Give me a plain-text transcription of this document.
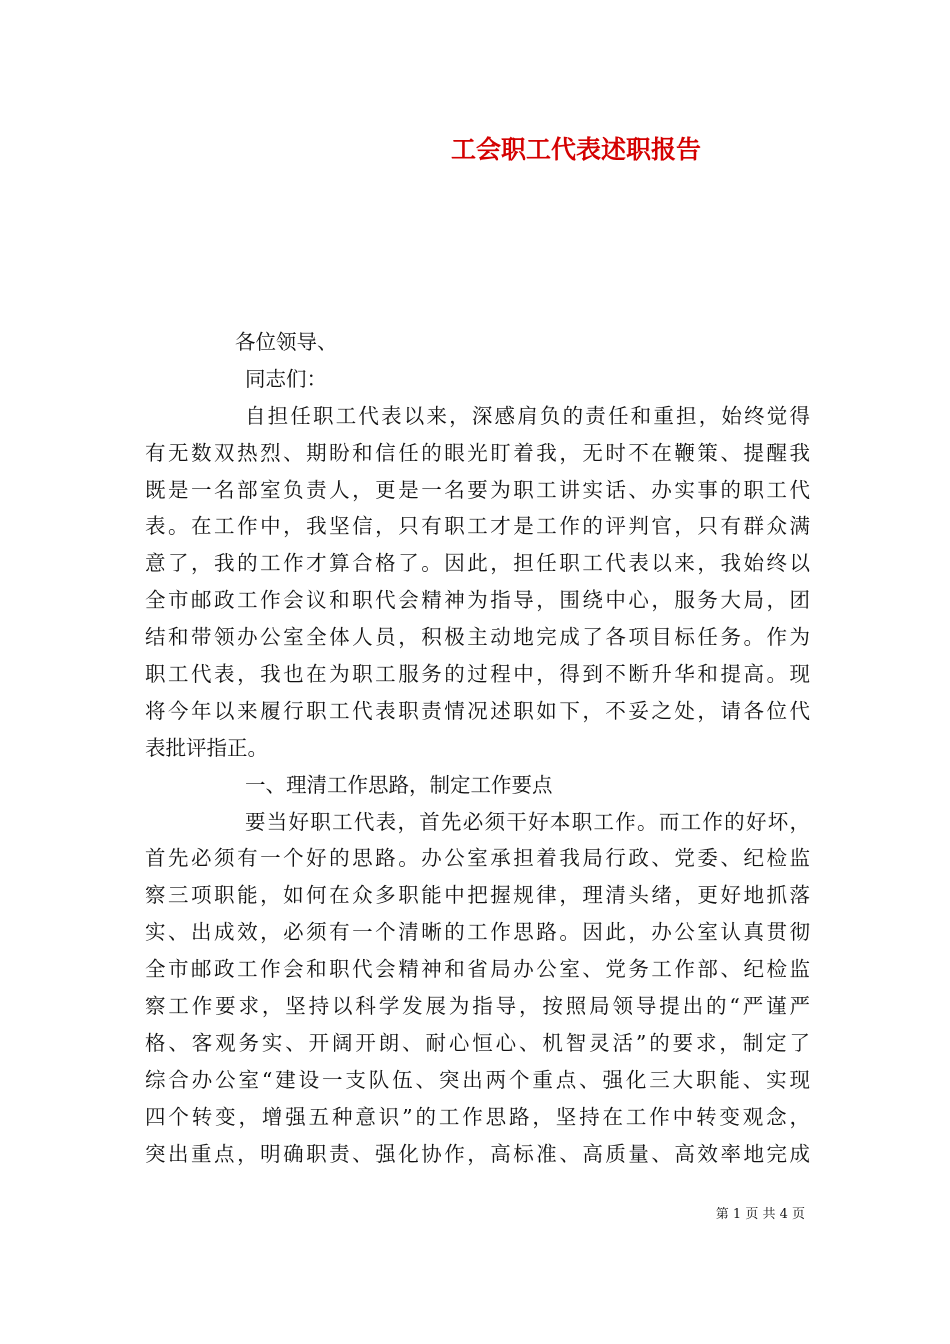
工会职工代表述职报告
各位领导、
同志们：
自担任职工代表以来，深感肩负的责任和重担，始终觉得
有无数双热烈、期盼和信任的眼光盯着我，无时不在鞭策、提醒我
既是一名部室负责人，更是一名要为职工讲实话、办实事的职工代
表。在工作中，我坚信，只有职工才是工作的评判官，只有群众满
意了，我的工作才算合格了。因此，担任职工代表以来，我始终以
全市邮政工作会议和职代会精神为指导，围绕中心，服务大局，团
结和带领办公室全体人员，积极主动地完成了各项目标任务。作为
职工代表，我也在为职工服务的过程中，得到不断升华和提高。现
将今年以来履行职工代表职责情况述职如下，不妥之处，请各位代
表批评指正。
一、理清工作思路，制定工作要点
要当好职工代表，首先必须干好本职工作。而工作的好坏，
首先必须有一个好的思路。办公室承担着我局行政、党委、纪检监
察三项职能，如何在众多职能中把握规律，理清头绪，更好地抓落
实、出成效，必须有一个清晰的工作思路。因此，办公室认真贯彻
全市邮政工作会和职代会精神和省局办公室、党务工作部、纪检监
察工作要求，坚持以科学发展为指导，按照局领导提出的“严谨严
格、客观务实、开阔开朗、耐心恒心、机智灵活”的要求，制定了
综合办公室“建设一支队伍、突出两个重点、强化三大职能、实现
四个转变，增强五种意识”的工作思路，坚持在工作中转变观念，
突出重点，明确职责、强化协作，高标准、高质量、高效率地完成
第 1 页 共 4 页
